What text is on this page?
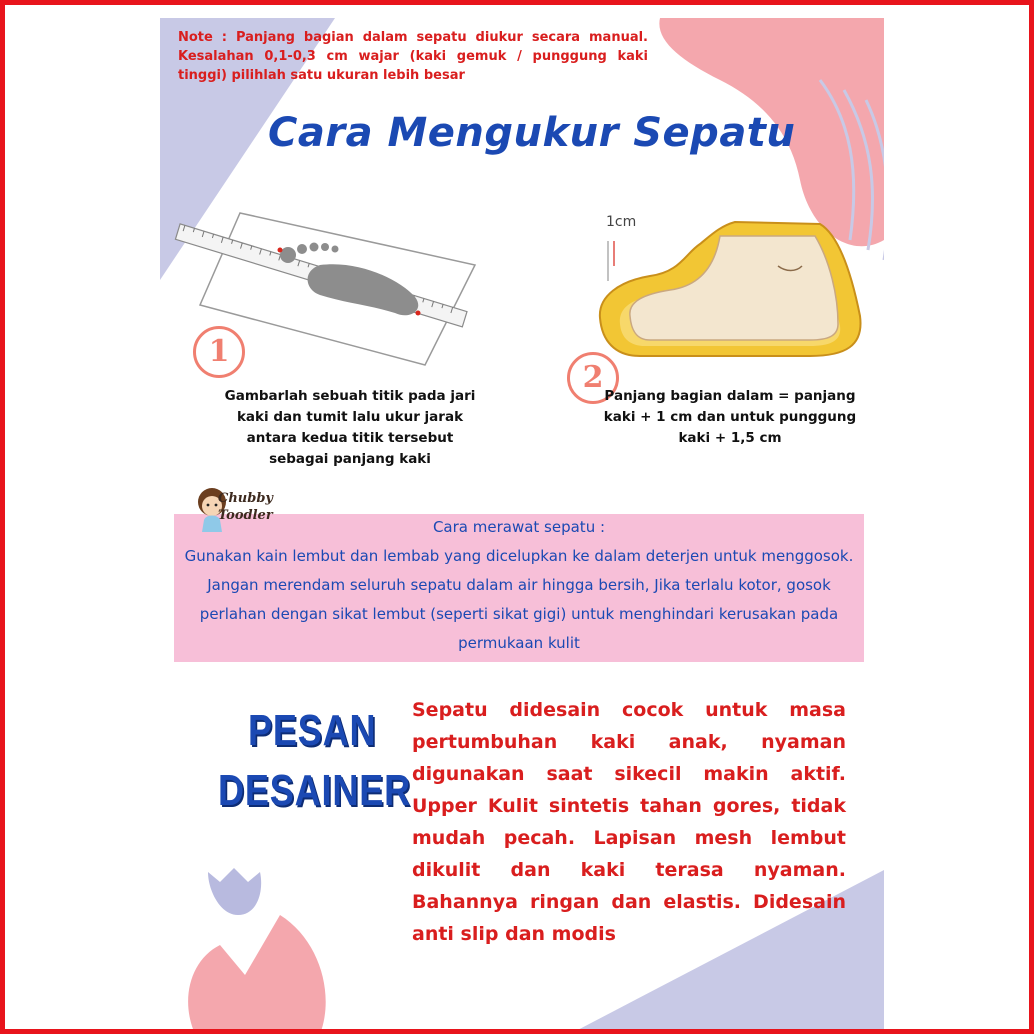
Note : Panjang bagian dalam sepatu diukur secara manual. Kesalahan 0,1-0,3 cm wajar (kaki gemuk / punggung kaki tinggi) pilihlah satu ukuran lebih besar

Cara Mengukur Sepatu
1

Gambarlah sebuah titik pada jari kaki dan tumit lalu ukur jarak antara kedua titik tersebut sebagai panjang kaki

1cm
2

Panjang bagian dalam = panjang kaki + 1 cm dan untuk punggung kaki + 1,5 cm

Chubby
Toodler

Cara merawat sepatu :

Gunakan kain lembut dan lembab yang dicelupkan ke dalam deterjen untuk menggosok. Jangan merendam seluruh sepatu dalam air hingga bersih, Jika terlalu kotor, gosok perlahan dengan sikat lembut (seperti sikat gigi) untuk menghindari kerusakan pada permukaan kulit

PESAN

DESAINER

Sepatu didesain cocok untuk masa pertumbuhan kaki anak, nyaman digunakan saat sikecil makin aktif. Upper Kulit sintetis tahan gores, tidak mudah pecah. Lapisan mesh lembut dikulit dan kaki terasa nyaman. Bahannya ringan dan elastis. Didesain anti slip dan modis
